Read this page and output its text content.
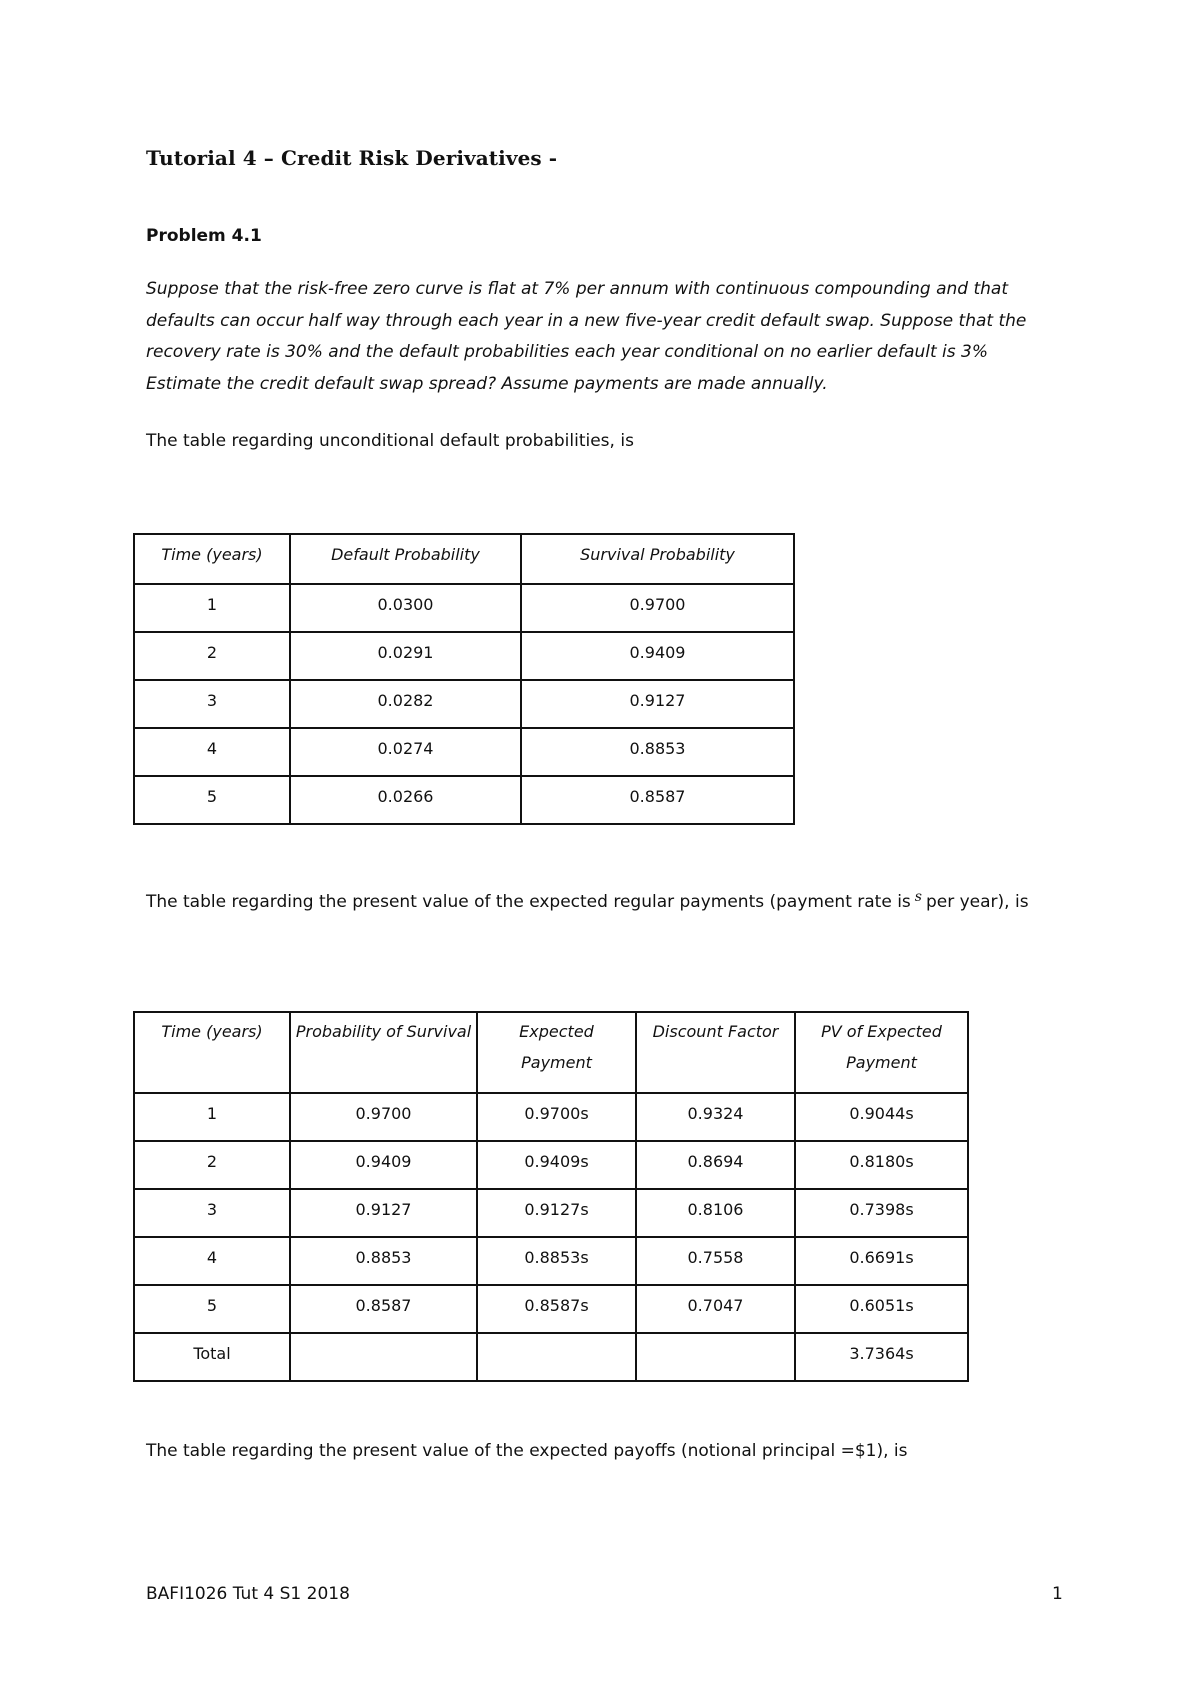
Tutorial 4 – Credit Risk Derivatives -
Problem 4.1
Suppose that the risk-free zero curve is flat at 7% per annum with continuous compounding and that defaults can occur half way through each year in a new five-year credit default swap. Suppose that the recovery rate is 30% and the default probabilities each year conditional on no earlier default is 3% Estimate the credit default swap spread? Assume payments are made annually.
The table regarding unconditional default probabilities, is
Time (years)	Default Probability	Survival Probability
1	0.0300	0.9700
2	0.0291	0.9409
3	0.0282	0.9127
4	0.0274	0.8853
5	0.0266	0.8587
The table regarding the present value of the expected regular payments (payment rate is $^s$ per year), is
Time (years)	Probability of Survival	Expected Payment	Discount Factor	PV of Expected Payment
1	0.9700	0.9700s	0.9324	0.9044s
2	0.9409	0.9409s	0.8694	0.8180s
3	0.9127	0.9127s	0.8106	0.7398s
4	0.8853	0.8853s	0.7558	0.6691s
5	0.8587	0.8587s	0.7047	0.6051s
Total				3.7364s
The table regarding the present value of the expected payoffs (notional principal =$1), is
BAFI1026 Tut 4 S1 2018	1
